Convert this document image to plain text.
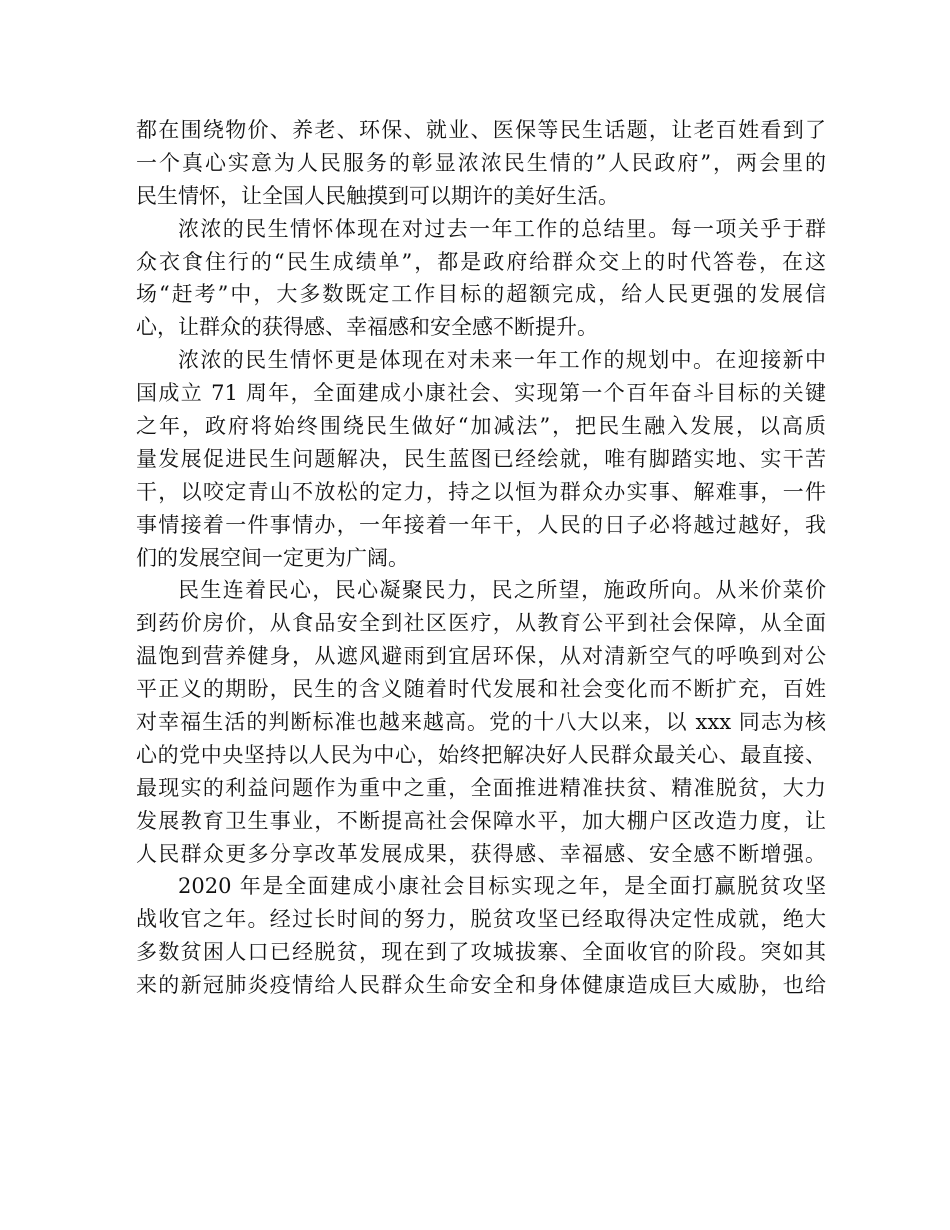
都在围绕物价、养老、环保、就业、医保等民生话题，让老百姓看到了
一个真心实意为人民服务的彰显浓浓民生情的”人民政府”，两会里的
民生情怀，让全国人民触摸到可以期许的美好生活。
浓浓的民生情怀体现在对过去一年工作的总结里。每一项关乎于群
众衣食住行的“民生成绩单”，都是政府给群众交上的时代答卷，在这
场“赶考”中，大多数既定工作目标的超额完成，给人民更强的发展信
心，让群众的获得感、幸福感和安全感不断提升。
浓浓的民生情怀更是体现在对未来一年工作的规划中。在迎接新中
国成立 71 周年，全面建成小康社会、实现第一个百年奋斗目标的关键
之年，政府将始终围绕民生做好“加减法”，把民生融入发展，以高质
量发展促进民生问题解决，民生蓝图已经绘就，唯有脚踏实地、实干苦
干，以咬定青山不放松的定力，持之以恒为群众办实事、解难事，一件
事情接着一件事情办，一年接着一年干，人民的日子必将越过越好，我
们的发展空间一定更为广阔。
民生连着民心，民心凝聚民力，民之所望，施政所向。从米价菜价
到药价房价，从食品安全到社区医疗，从教育公平到社会保障，从全面
温饱到营养健身，从遮风避雨到宜居环保，从对清新空气的呼唤到对公
平正义的期盼，民生的含义随着时代发展和社会变化而不断扩充，百姓
对幸福生活的判断标准也越来越高。党的十八大以来，以 xxx 同志为核
心的党中央坚持以人民为中心，始终把解决好人民群众最关心、最直接、
最现实的利益问题作为重中之重，全面推进精准扶贫、精准脱贫，大力
发展教育卫生事业，不断提高社会保障水平，加大棚户区改造力度，让
人民群众更多分享改革发展成果，获得感、幸福感、安全感不断增强。
2020 年是全面建成小康社会目标实现之年，是全面打赢脱贫攻坚
战收官之年。经过长时间的努力，脱贫攻坚已经取得决定性成就，绝大
多数贫困人口已经脱贫，现在到了攻城拔寨、全面收官的阶段。突如其
来的新冠肺炎疫情给人民群众生命安全和身体健康造成巨大威胁，也给
